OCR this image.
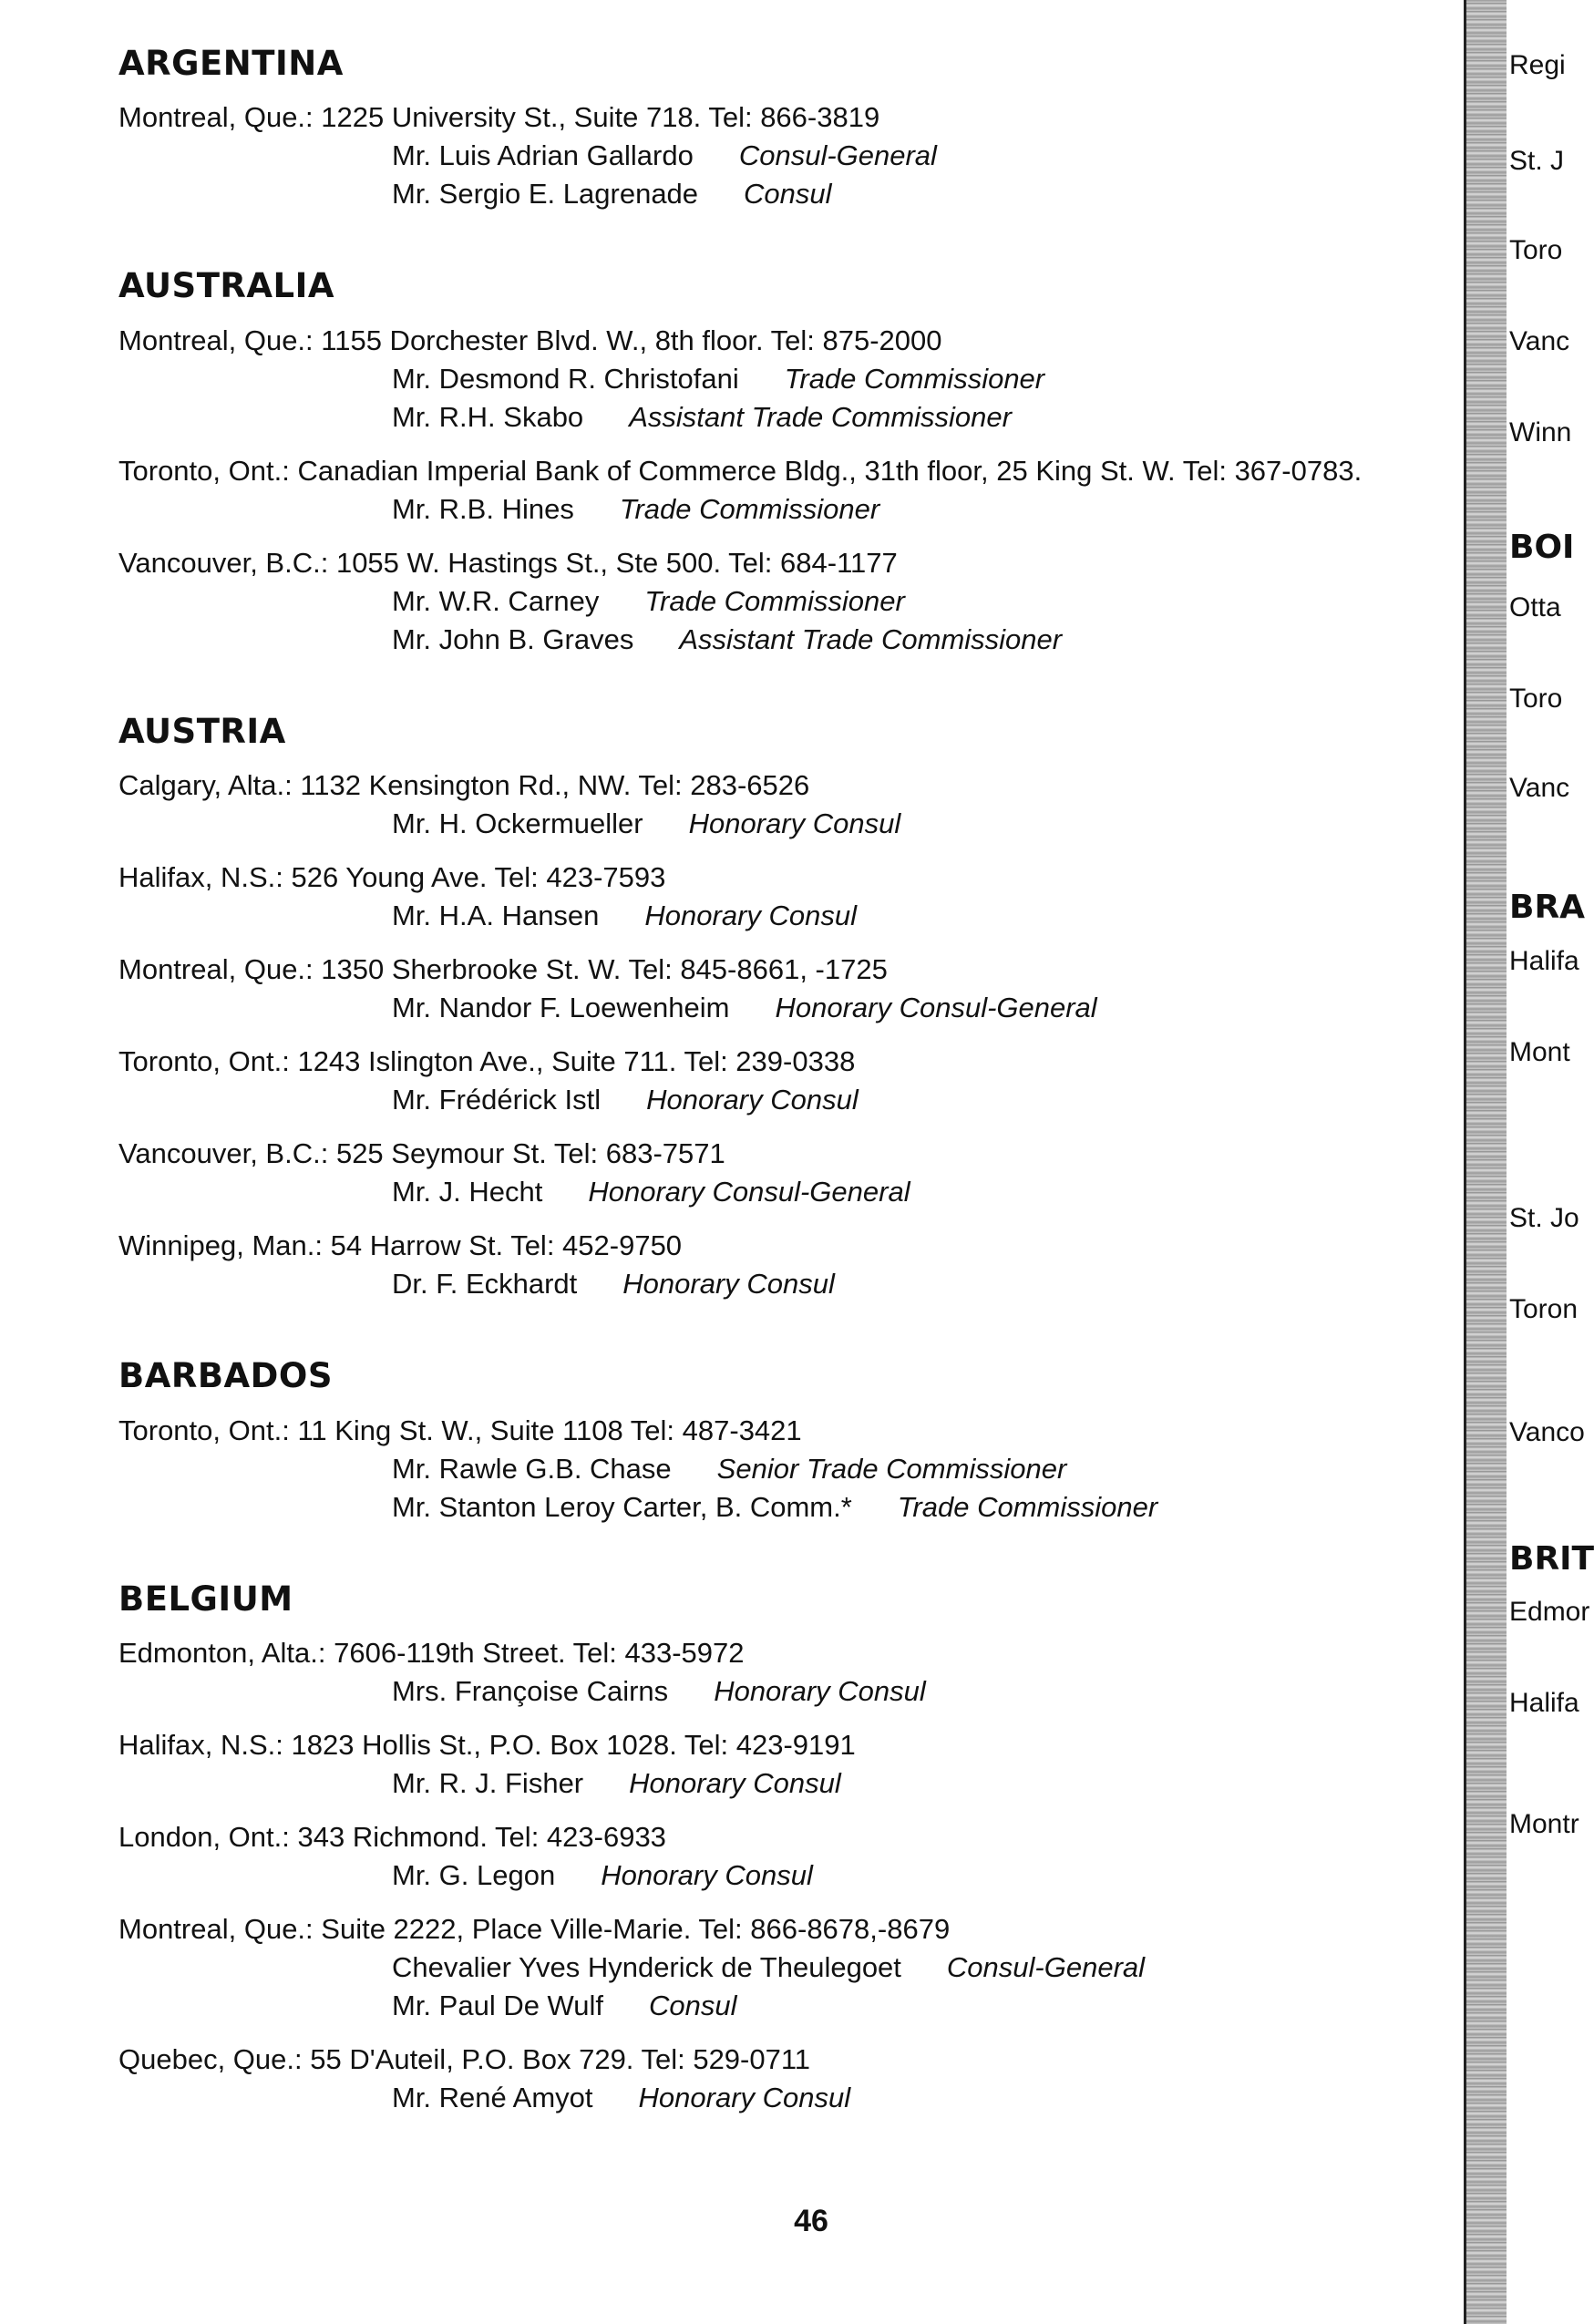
ARGENTINA
Montreal, Que.: 1225 University St., Suite 718. Tel: 866-3819
Mr. Luis Adrian Gallardo Consul-General
Mr. Sergio E. Lagrenade Consul
AUSTRALIA
Montreal, Que.: 1155 Dorchester Blvd. W., 8th floor. Tel: 875-2000
Mr. Desmond R. Christofani Trade Commissioner
Mr. R.H. Skabo Assistant Trade Commissioner
Toronto, Ont.: Canadian Imperial Bank of Commerce Bldg., 31th floor, 25 King St. W. Tel: 367-0783.
Mr. R.B. Hines Trade Commissioner
Vancouver, B.C.: 1055 W. Hastings St., Ste 500. Tel: 684-1177
Mr. W.R. Carney Trade Commissioner
Mr. John B. Graves Assistant Trade Commissioner
AUSTRIA
Calgary, Alta.: 1132 Kensington Rd., NW. Tel: 283-6526
Mr. H. Ockermueller Honorary Consul
Halifax, N.S.: 526 Young Ave. Tel: 423-7593
Mr. H.A. Hansen Honorary Consul
Montreal, Que.: 1350 Sherbrooke St. W. Tel: 845-8661, -1725
Mr. Nandor F. Loewenheim Honorary Consul-General
Toronto, Ont.: 1243 Islington Ave., Suite 711. Tel: 239-0338
Mr. Frédérick Istl Honorary Consul
Vancouver, B.C.: 525 Seymour St. Tel: 683-7571
Mr. J. Hecht Honorary Consul-General
Winnipeg, Man.: 54 Harrow St. Tel: 452-9750
Dr. F. Eckhardt Honorary Consul
BARBADOS
Toronto, Ont.: 11 King St. W., Suite 1108 Tel: 487-3421
Mr. Rawle G.B. Chase Senior Trade Commissioner
Mr. Stanton Leroy Carter, B. Comm.* Trade Commissioner
BELGIUM
Edmonton, Alta.: 7606-119th Street. Tel: 433-5972
Mrs. Françoise Cairns Honorary Consul
Halifax, N.S.: 1823 Hollis St., P.O. Box 1028. Tel: 423-9191
Mr. R. J. Fisher Honorary Consul
London, Ont.: 343 Richmond. Tel: 423-6933
Mr. G. Legon Honorary Consul
Montreal, Que.: Suite 2222, Place Ville-Marie. Tel: 866-8678,-8679
Chevalier Yves Hynderick de Theulegoet Consul-General
Mr. Paul De Wulf Consul
Quebec, Que.: 55 D'Auteil, P.O. Box 729. Tel: 529-0711
Mr. René Amyot Honorary Consul
46
Regi
St. J
Toro
Vanc
Winn
BOI
Otta
Toro
Vanc
BRA
Halifa
Mont
St. Jo
Toron
Vanco
BRIT
Edmor
Halifa
Montr
